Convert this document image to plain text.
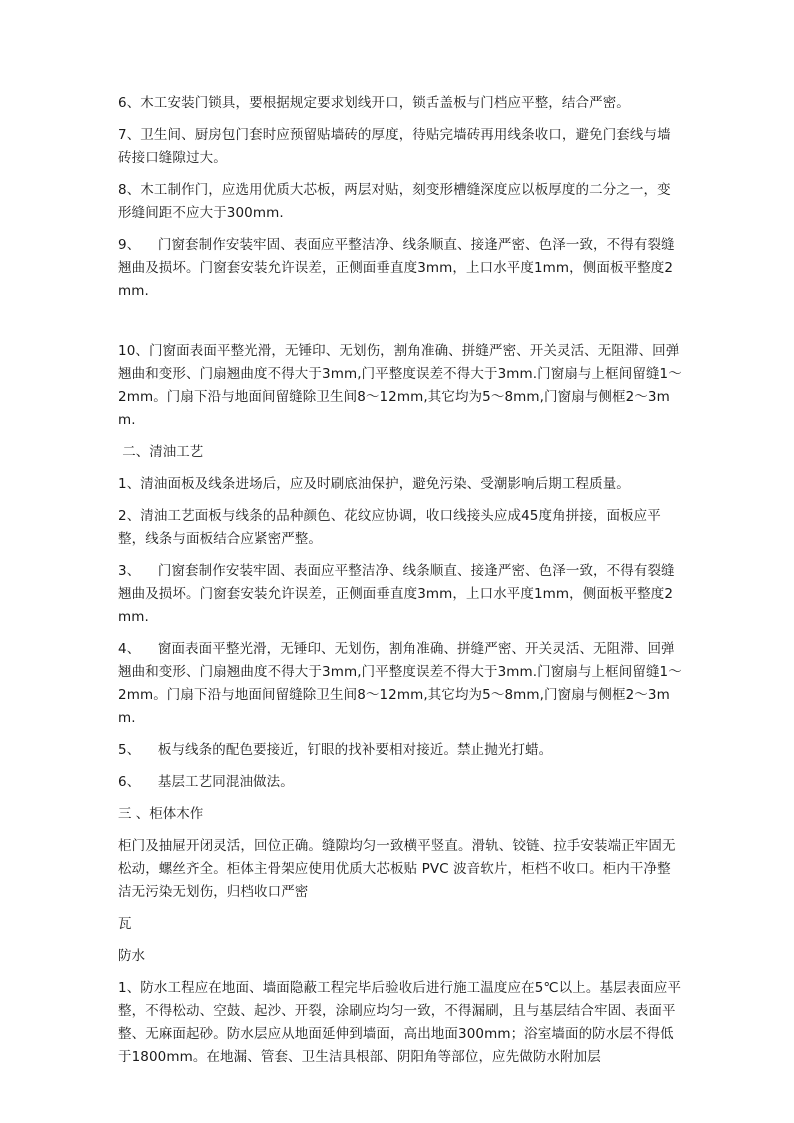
6、木工安装门锁具，要根据规定要求划线开口，锁舌盖板与门档应平整，结合严密。

7、卫生间、厨房包门套时应预留贴墙砖的厚度，待贴完墙砖再用线条收口，避免门套线与墙砖接口缝隙过大。

8、木工制作门，应选用优质大芯板，两层对贴，刻变形槽缝深度应以板厚度的二分之一，变形缝间距不应大于300mm.

9、    门窗套制作安装牢固、表面应平整洁净、线条顺直、接逢严密、色泽一致，不得有裂缝翘曲及损坏。门窗套安装允许误差，正侧面垂直度3mm，上口水平度1mm，侧面板平整度2mm.

10、门窗面表面平整光滑，无锤印、无划伤，割角准确、拼缝严密、开关灵活、无阻滞、回弹翘曲和变形、门扇翘曲度不得大于3mm,门平整度误差不得大于3mm.门窗扇与上框间留缝1～2mm。门扇下沿与地面间留缝除卫生间8～12mm,其它均为5～8mm,门窗扇与侧框2～3mm.

二、清油工艺

1、清油面板及线条进场后，应及时刷底油保护，避免污染、受潮影响后期工程质量。

2、清油工艺面板与线条的品种颜色、花纹应协调，收口线接头应成45度角拼接，面板应平整，线条与面板结合应紧密严整。

3、    门窗套制作安装牢固、表面应平整洁净、线条顺直、接逢严密、色泽一致，不得有裂缝翘曲及损坏。门窗套安装允许误差，正侧面垂直度3mm，上口水平度1mm，侧面板平整度2mm.

4、    窗面表面平整光滑，无锤印、无划伤，割角准确、拼缝严密、开关灵活、无阻滞、回弹翘曲和变形、门扇翘曲度不得大于3mm,门平整度误差不得大于3mm.门窗扇与上框间留缝1～2mm。门扇下沿与地面间留缝除卫生间8～12mm,其它均为5～8mm,门窗扇与侧框2～3mm.

5、    板与线条的配色要接近，钉眼的找补要相对接近。禁止抛光打蜡。

6、    基层工艺同混油做法。

三 、柜体木作

柜门及抽屉开闭灵活，回位正确。缝隙均匀一致横平竖直。滑轨、铰链、拉手安装端正牢固无松动，螺丝齐全。柜体主骨架应使用优质大芯板贴 PVC 波音软片，柜档不收口。柜内干净整洁无污染无划伤，归档收口严密

瓦

防水

1、防水工程应在地面、墙面隐蔽工程完毕后验收后进行施工温度应在5℃以上。基层表面应平整，不得松动、空鼓、起沙、开裂，涂刷应均匀一致，不得漏刷，且与基层结合牢固、表面平整、无麻面起砂。防水层应从地面延伸到墙面，高出地面300mm；浴室墙面的防水层不得低于1800mm。在地漏、管套、卫生洁具根部、阴阳角等部位，应先做防水附加层
